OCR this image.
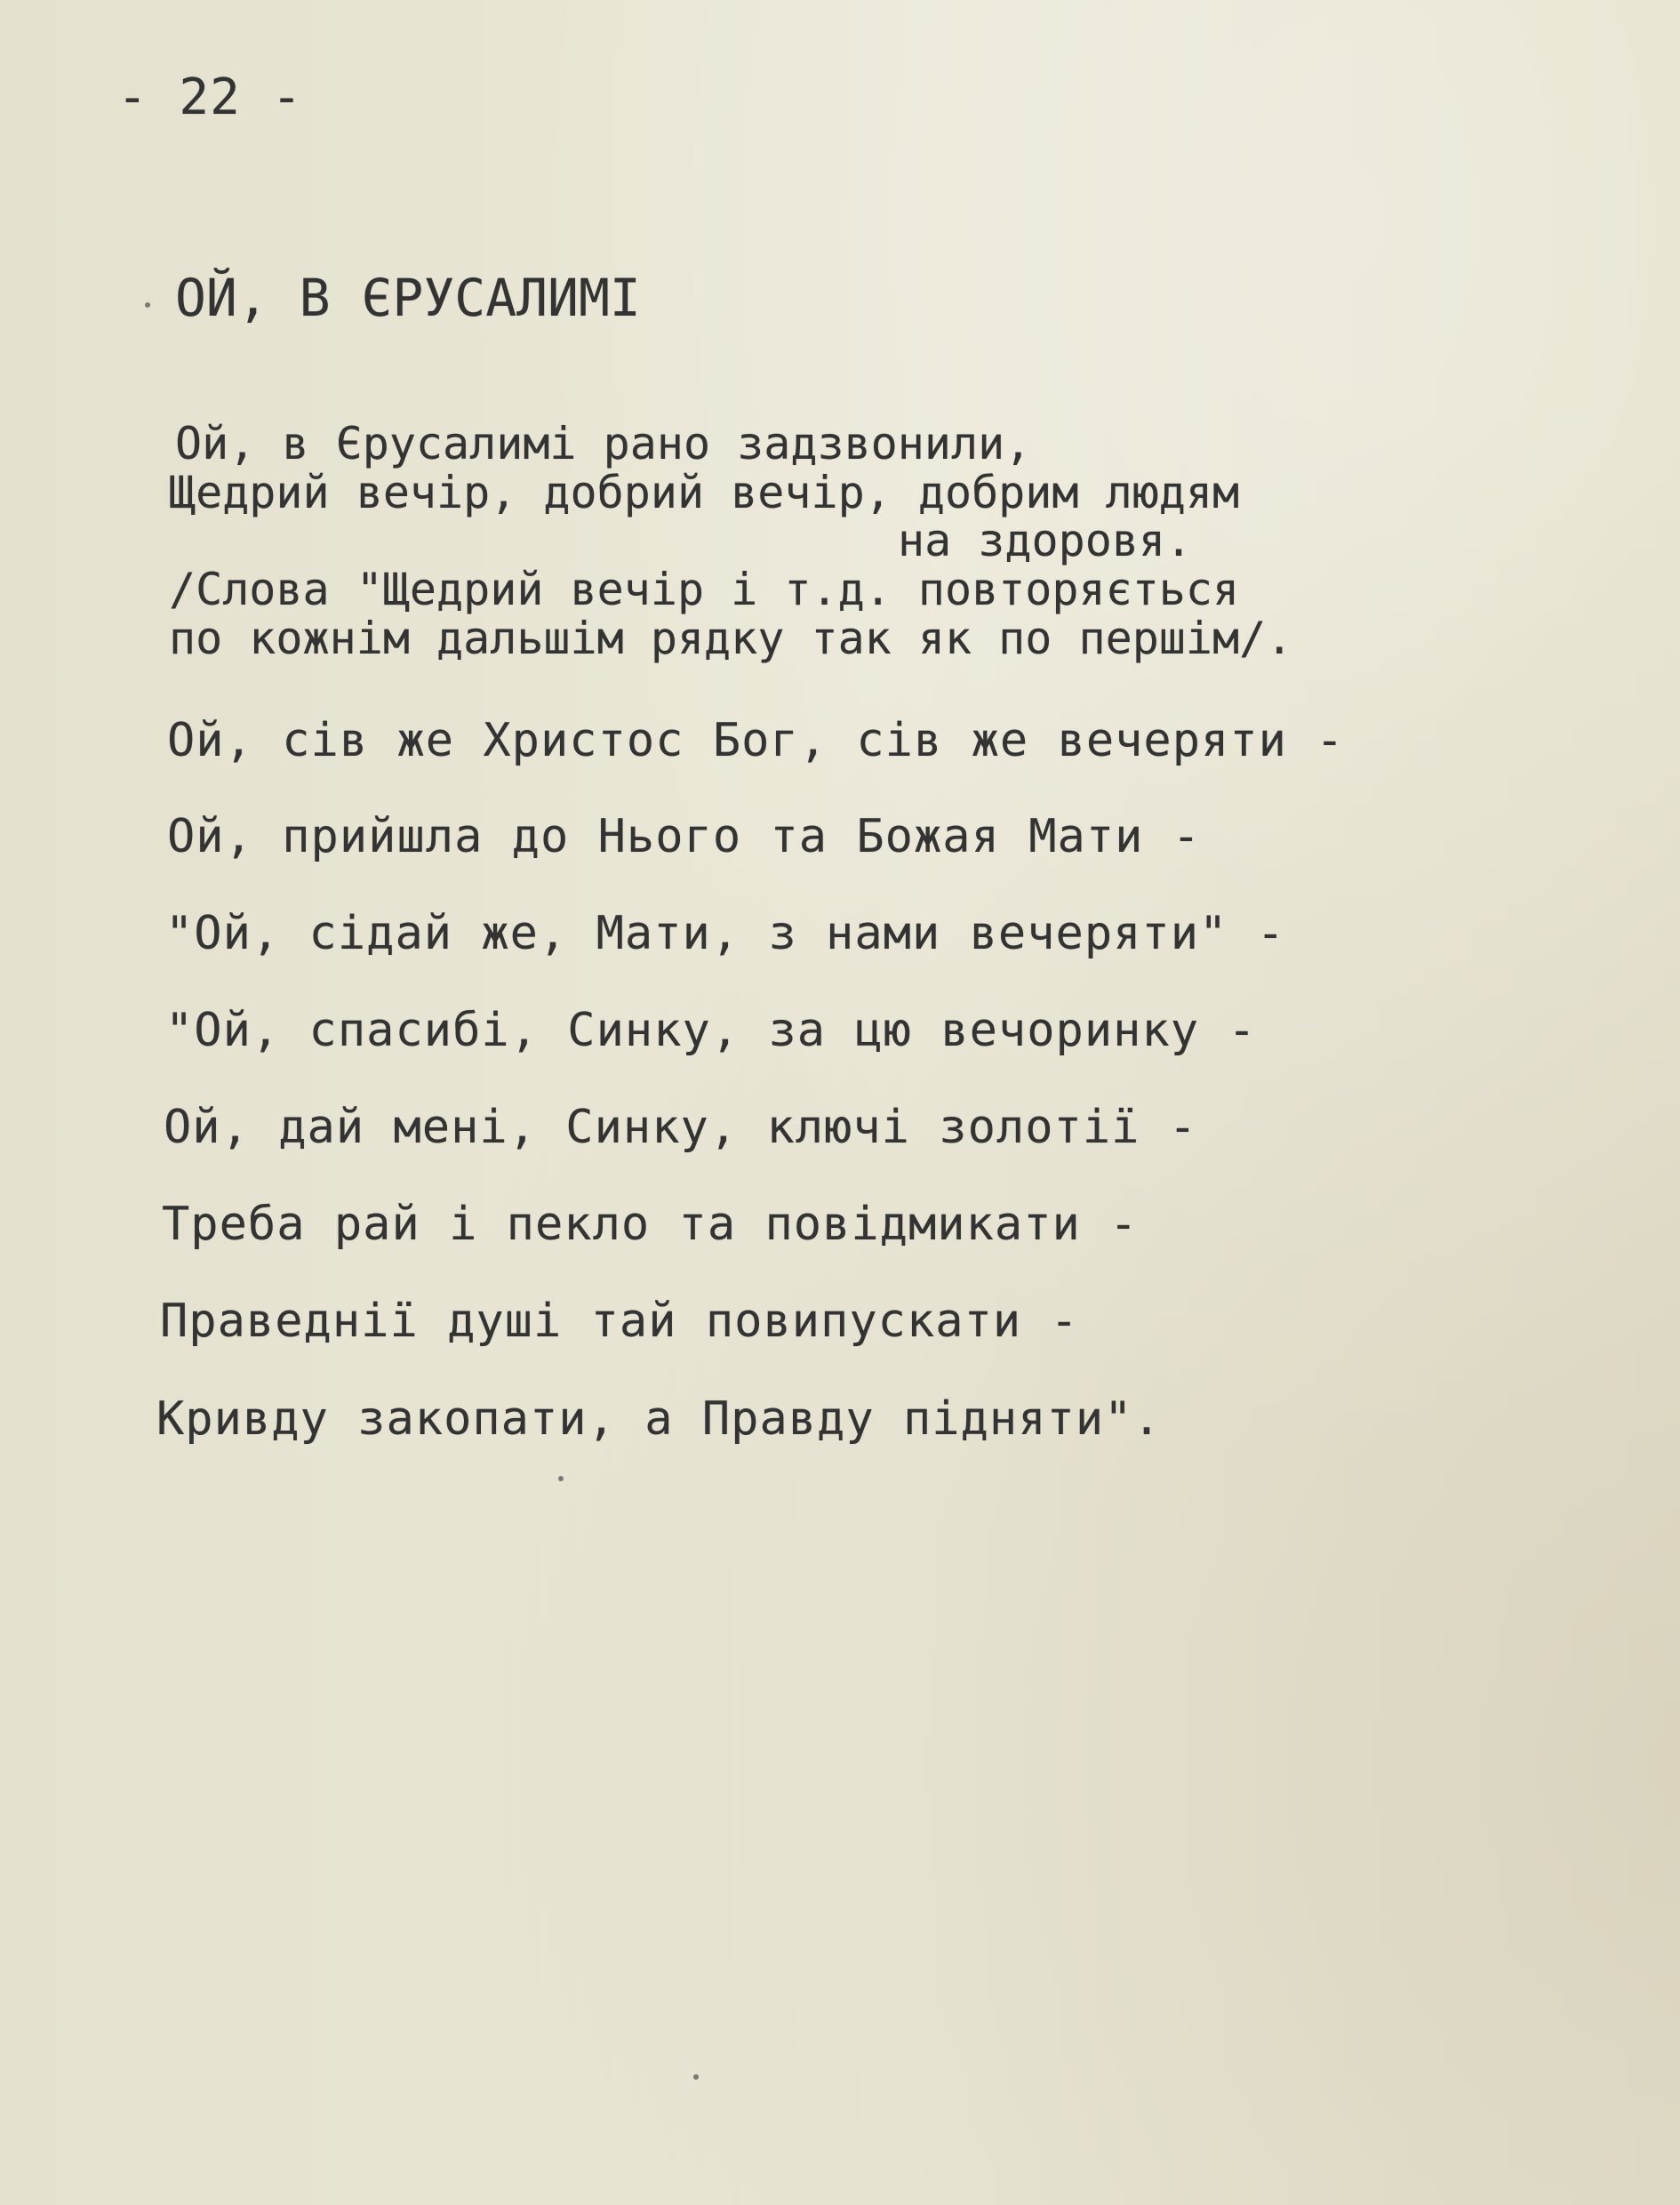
- 22 -
ОЙ, В ЄРУСАЛИМІ
Ой, в Єрусалимі рано задзвонили,
Щедрий вечір, добрий вечір, добрим людям
на здоровя.
/Слова "Щедрий вечір і т.д. повторяється
по кожнім дальшім рядку так як по першім/.
Ой, сів же Христос Бог, сів же вечеряти -
Ой, прийшла до Нього та Божая Мати -
"Ой, сідай же, Мати, з нами вечеряти" -
"Ой, спасибі, Синку, за цю вечоринку -
Ой, дай мені, Синку, ключі золотії -
Треба рай і пекло та повідмикати -
Праведнії душі тай повипускати -
Кривду закопати, а Правду підняти".
